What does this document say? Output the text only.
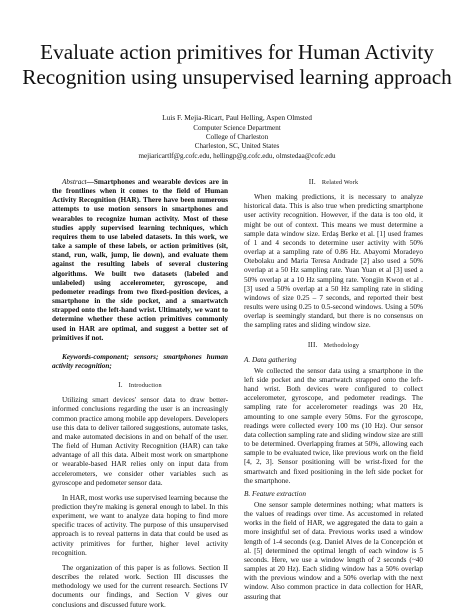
Evaluate action primitives for Human Activity Recognition using unsupervised learning approach
Luis F. Mejia-Ricart, Paul Helling, Aspen Olmsted
Computer Science Department
College of Charleston
Charleston, SC, United States
mejiaricartlf@g.cofc.edu, hellingp@g.cofc.edu, olmstedaa@cofc.edu

Abstract—Smartphones and wearable devices are in the frontlines when it comes to the field of Human Activity Recognition (HAR). There have been numerous attempts to use motion sensors in smartphones and wearables to recognize human activity. Most of these studies apply supervised learning techniques, which requires them to use labeled datasets. In this work, we take a sample of these labels, or action primitives (sit, stand, run, walk, jump, lie down), and evaluate them against the resulting labels of several clustering algorithms. We built two datasets (labeled and unlabeled) using accelerometer, gyroscope, and pedometer readings from two fixed-position devices, a smartphone in the side pocket, and a smartwatch strapped onto the left-hand wrist. Ultimately, we want to determine whether these action primitives commonly used in HAR are optimal, and suggest a better set of primitives if not.

Keywords-component; sensors; smartphones human activity recognition;

I. Introduction

Utilizing smart devices' sensor data to draw better-informed conclusions regarding the user is an increasingly common practice among mobile app developers. Developers use this data to deliver tailored suggestions, automate tasks, and make automated decisions in and on behalf of the user. The field of Human Activity Recognition (HAR) can take advantage of all this data. Albeit most work on smartphone or wearable-based HAR relies only on input data from accelerometers, we consider other variables such as gyroscope and pedometer sensor data.

In HAR, most works use supervised learning because the prediction they're making is general enough to label. In this experiment, we want to analyze data hoping to find more specific traces of activity. The purpose of this unsupervised approach is to reveal patterns in data that could be used as activity primitives for further, higher level activity recognition.

The organization of this paper is as follows. Section II describes the related work. Section III discusses the methodology we used for the current research. Sections IV documents our findings, and Section V gives our conclusions and discussed future work.

II. Related Work

When making predictions, it is necessary to analyze historical data. This is also true when predicting smartphone user activity recognition. However, if the data is too old, it might be out of context. This means we must determine a sample data window size. Erdaş Berke et al. [1] used frames of 1 and 4 seconds to determine user activity with 50% overlap at a sampling rate of 0.86 Hz. Abayomi Moradeyo Otebolaku and Maria Teresa Andrade [2] also used a 50% overlap at a 50 Hz sampling rate. Yuan Yuan et al [3] used a 50% overlap at a 10 Hz sampling rate. Yongjin Kwon et al . [3] used a 50% overlap at a 50 Hz sampling rate in sliding windows of size 0.25 – 7 seconds, and reported their best results were using 0.25 to 0.5-second windows. Using a 50% overlap is seemingly standard, but there is no consensus on the sampling rates and sliding window size.

III. Methodology
A. Data gathering

We collected the sensor data using a smartphone in the left side pocket and the smartwatch strapped onto the left-hand wrist. Both devices were configured to collect accelerometer, gyroscope, and pedometer readings. The sampling rate for accelerometer readings was 20 Hz, amounting to one sample every 50ms. For the gyroscope, readings were collected every 100 ms (10 Hz). Our sensor data collection sampling rate and sliding window size are still to be determined. Overlapping frames at 50%, allowing each sample to be evaluated twice, like previous work on the field [4, 2, 3]. Sensor positioning will be wrist-fixed for the smartwatch and fixed positioning in the left side pocket for the smartphone.

B. Feature extraction

One sensor sample determines nothing; what matters is the values of readings over time. As accustomed in related works in the field of HAR, we aggregated the data to gain a more insightful set of data. Previous works used a window length of 1-4 seconds (e.g. Daniel Alves de la Concepción et al. [5] determined the optimal length of each window is 5 seconds. Here, we use a window length of 2 seconds (~40 samples at 20 Hz). Each sliding window has a 50% overlap with the previous window and a 50% overlap with the next window. Also common practice in data collection for HAR, assuring that
